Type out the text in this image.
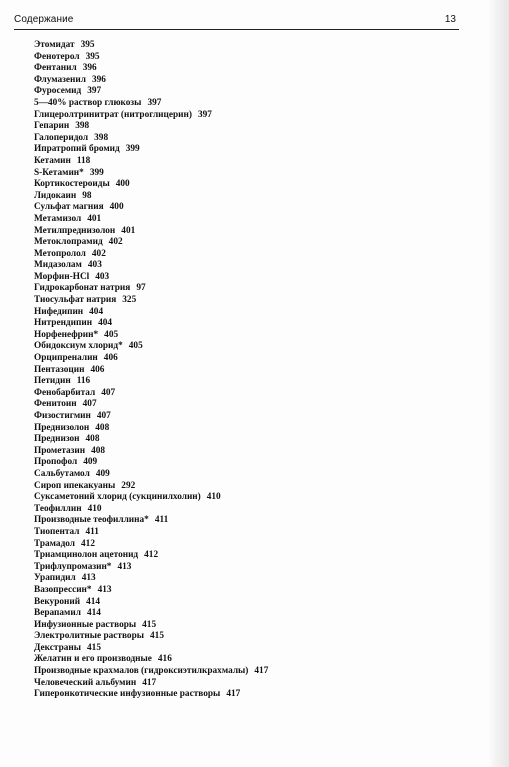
Содержание	13
Этомидат 395
Фенотерол 395
Фентанил 396
Флумазенил 396
Фуросемид 397
5—40% раствор глюкозы 397
Глицеролтринитрат (нитроглицерин) 397
Гепарин 398
Галоперидол 398
Ипратропий бромид 399
Кетамин 118
S-Кетамин* 399
Кортикостероиды 400
Лидокаин 98
Сульфат магния 400
Метамизол 401
Метилпреднизолон 401
Метоклопрамид 402
Метопролол 402
Мидазолам 403
Морфин-HCl 403
Гидрокарбонат натрия 97
Тиосульфат натрия 325
Нифедипин 404
Нитрендипин 404
Норфенефрин* 405
Обидоксиум хлорид* 405
Орципреналин 406
Пентазоцин 406
Петидин 116
Фенобарбитал 407
Фенитоин 407
Физостигмин 407
Преднизолон 408
Преднизон 408
Прометазин 408
Пропофол 409
Сальбутамол 409
Сироп ипекакуаны 292
Суксаметоний хлорид (сукцинилхолин) 410
Теофиллин 410
Производные теофиллина* 411
Тиопентал 411
Трамадол 412
Триамцинолон ацетонид 412
Трифлупромазин* 413
Урапидил 413
Вазопрессин* 413
Векуроний 414
Верапамил 414
Инфузионные растворы 415
Электролитные растворы 415
Декстраны 415
Желатин и его производные 416
Производные крахмалов (гидроксиэтилкрахмалы) 417
Человеческий альбумин 417
Гиперонкотические инфузионные растворы 417
